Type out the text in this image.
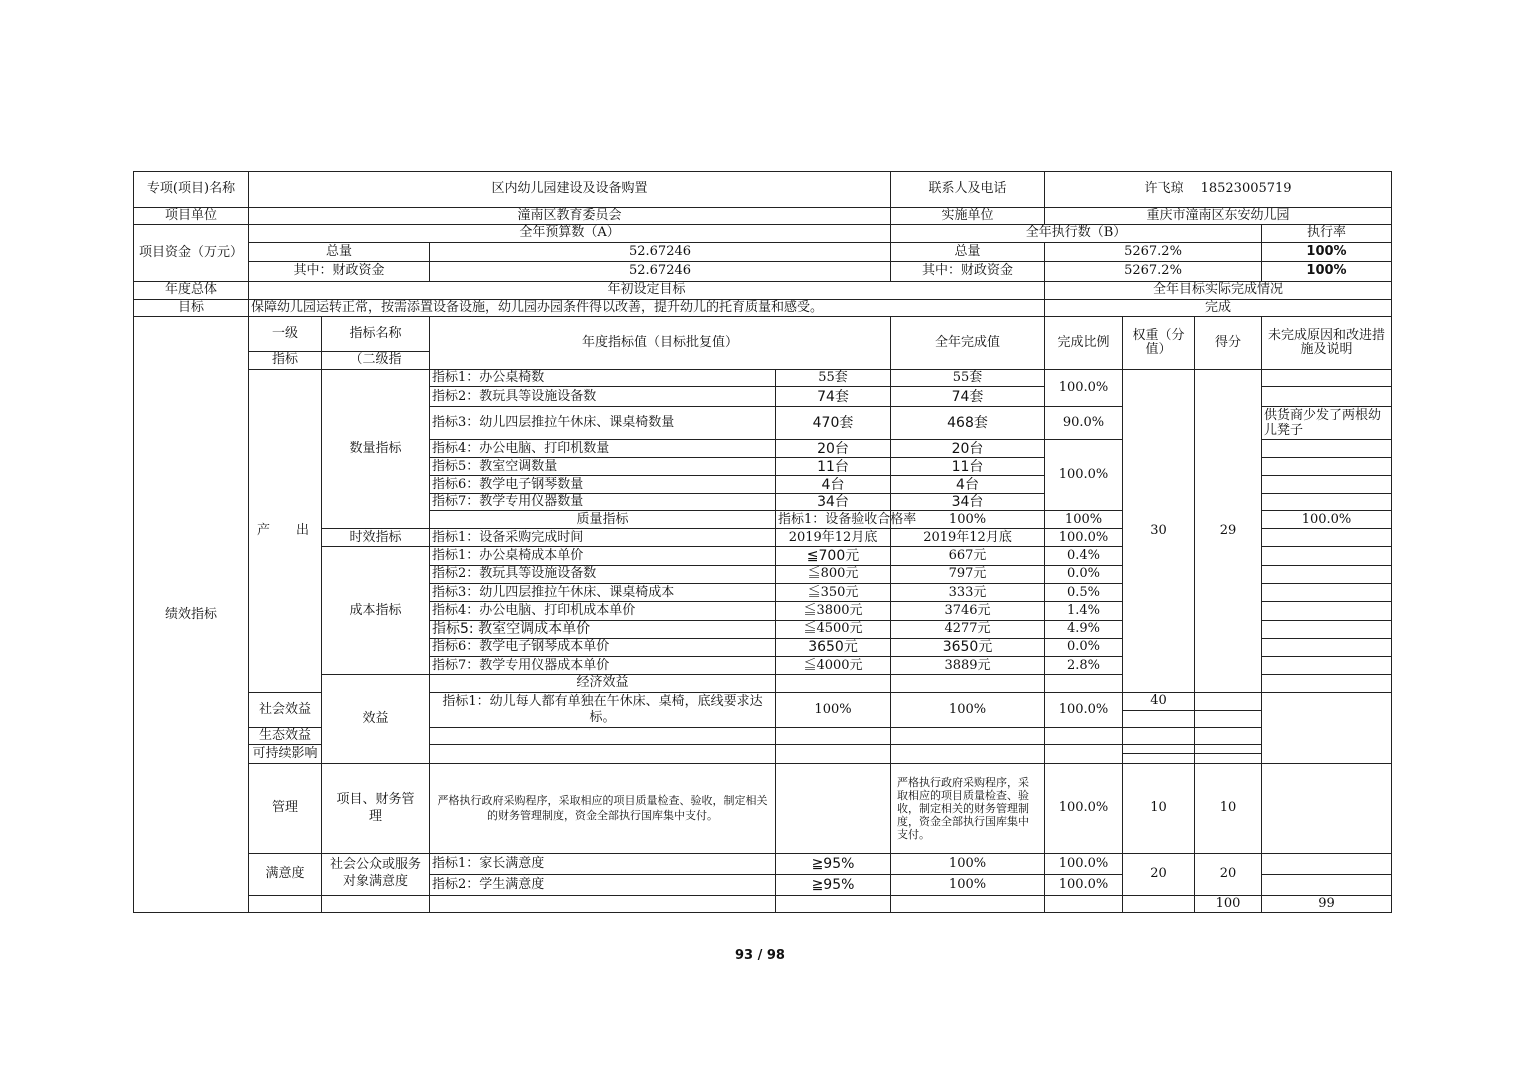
专项(项目)名称	区内幼儿园建设及设备购置				联系人及电话	许飞琼　 18523005719				
项目单位	潼南区教育委员会				实施单位	重庆市潼南区东安幼儿园				
项目资金（万元）	全年预算数（A）				全年执行数（B）				执行率	
	总量		52.67246		总量	5267.2%			100%	
	其中：财政资金		52.67246		其中：财政资金	5267.2%			100%	
年度总体	年初设定目标					全年目标实际完成情况				
目标	保障幼儿园运转正常，按需添置设备设施，幼儿园办园条件得以改善，提升幼儿的托育质量和感受。					完成				
绩效指标	一级	指标名称	年度指标值（目标批复值）		全年完成值	完成比例	权重（分值）	得分	未完成原因和改进措施及说明	
	指标	（二级指								

	产　　出	数量指标	指标1：办公桌椅数	55套	55套	100.0%	30	29		
			指标2：教玩具等设施设备数	74套	74套					
			指标3：幼儿四层推拉午休床、课桌椅数量	470套	468套	90.0%			供货商少发了两根幼儿凳子	
			指标4：办公电脑、打印机数量	20台	20台	100.0%				
			指标5：教室空调数量	11台	11台					
			指标6：教学电子钢琴数量	4台	4台					
			指标7：教学专用仪器数量	34台	34台					
			质量指标	指标1：设备验收合格率	100%	100%			100.0%	
		时效指标	指标1：设备采购完成时间	2019年12月底	2019年12月底	100.0%				
		成本指标	指标1：办公桌椅成本单价	≦700元	667元	0.4%				
			指标2：教玩具等设施设备数	≦800元	797元	0.0%				
			指标3：幼儿四层推拉午休床、课桌椅成本	≦350元	333元	0.5%				
			指标4：办公电脑、打印机成本单价	≦3800元	3746元	1.4%				
			指标5: 教室空调成本单价	≦4500元	4277元	4.9%				
			指标6：教学电子钢琴成本单价	3650元	3650元	0.0%				
			指标7：教学专用仪器成本单价	≦4000元	3889元	2.8%				
		效益	经济效益							
	社会效益		指标1：幼儿每人都有单独在午休床、桌椅，底线要求达标。	100%	100%	100.0%	40			

	生态效益									
	可持续影响									

	管理	项目、财务管理	严格执行政府采购程序，采取相应的项目质量检查、验收，制定相关的财务管理制度，资金全部执行国库集中支付。		严格执行政府采购程序，采取相应的项目质量检查、验收，制定相关的财务管理制度，资金全部执行国库集中支付。	100.0%	10	10		
	满意度	社会公众或服务对象满意度	指标1：家长满意度	≧95%	100%	100.0%	20	20		
			指标2：学生满意度	≧95%	100%	100.0%				
								100	99	
93 / 98
